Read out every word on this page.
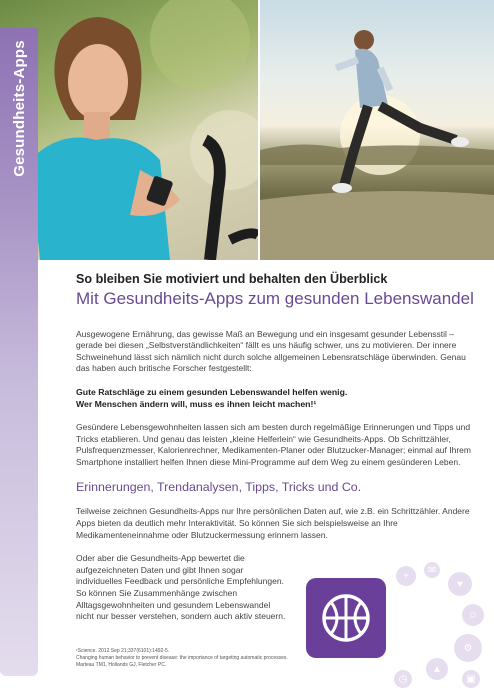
Gesundheits-Apps

So bleiben Sie motiviert und behalten den Überblick

Mit Gesundheits-Apps zum gesunden Lebenswandel

Ausgewogene Ernährung, das gewisse Maß an Bewegung und ein insgesamt gesunder Lebensstil – gerade bei diesen „Selbstverständlichkeiten“ fällt es uns häufig schwer, uns zu motivieren. Der innere Schweinehund lässt sich nämlich nicht durch solche allgemeinen Lebensratschläge überwinden. Genau das haben auch britische Forscher festgestellt:

Gute Ratschläge zu einem gesunden Lebenswandel helfen wenig.
Wer Menschen ändern will, muss es ihnen leicht machen!¹

Gesündere Lebensgewohnheiten lassen sich am besten durch regelmäßige Erinnerungen und Tipps und Tricks etablieren. Und genau das leisten „kleine Helferlein“ wie Gesundheits-Apps. Ob Schrittzähler, Pulsfrequenzmesser, Kalorienrechner, Medikamenten-Planer oder Blutzucker-Manager; einmal auf Ihrem Smartphone installiert helfen Ihnen diese Mini-Programme auf dem Weg zu einem gesünderen Leben.

Erinnerungen, Trendanalysen, Tipps, Tricks und Co.

Teilweise zeichnen Gesundheits-Apps nur Ihre persönlichen Daten auf, wie z.B. ein Schrittzähler. Andere Apps bieten da deutlich mehr Interaktivität. So können Sie sich beispielsweise an Ihre Medikamenteneinnahme oder Blutzuckermessung erinnern lassen.

Oder aber die Gesundheits-App bewertet die aufgezeichneten Daten und gibt Ihnen sogar individuelles Feedback und persönliche Empfehlungen. So können Sie Zusammenhänge zwischen Alltagsgewohnheiten und gesundem Lebenswandel nicht nur besser verstehen, sondern auch aktiv steuern.

+
✉
♥
☺
⚙
▲
▣
◷
¹Science. 2012 Sep 21;337(6101):1492-5.
Changing human behavior to prevent disease: the importance of targeting automatic processes.
Marteau TM1, Hollands GJ, Fletcher PC.
